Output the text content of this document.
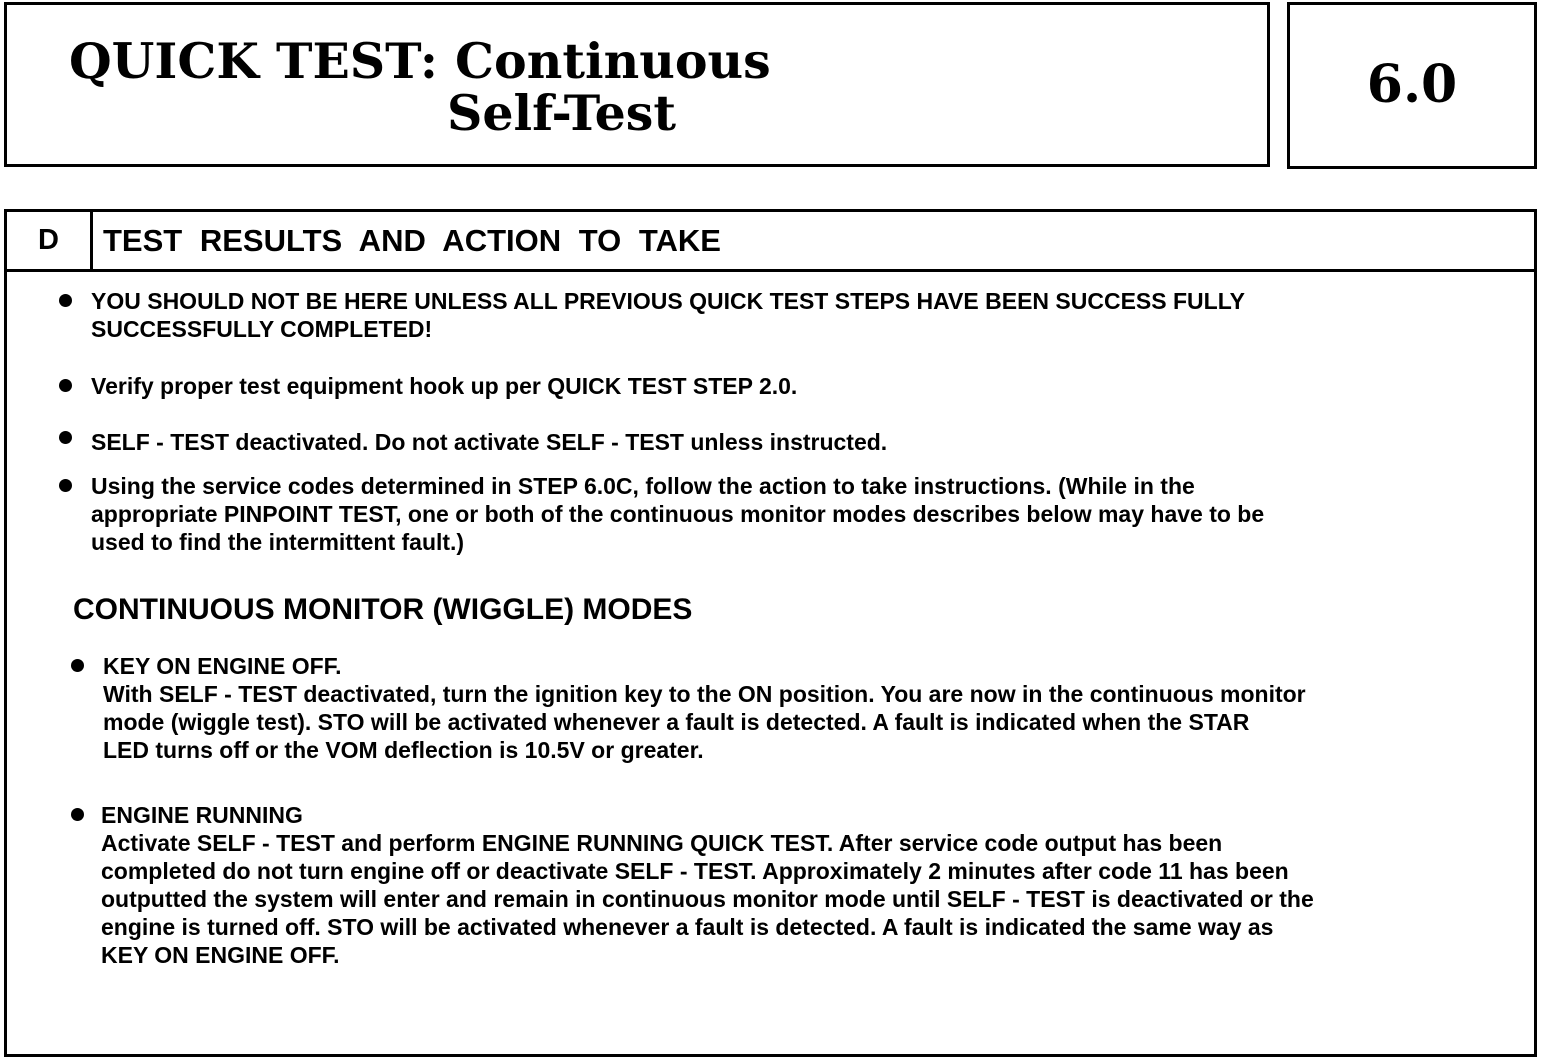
QUICK TEST: Continuous
Self-Test	6.0
D	TEST RESULTS AND ACTION TO TAKE
YOU SHOULD NOT BE HERE UNLESS ALL PREVIOUS QUICK TEST STEPS HAVE BEEN SUCCESS FULLY
SUCCESSFULLY COMPLETED!
Verify proper test equipment hook up per QUICK TEST STEP 2.0.
SELF - TEST deactivated. Do not activate SELF - TEST unless instructed.
Using the service codes determined in STEP 6.0C, follow the action to take instructions. (While in the
appropriate PINPOINT TEST, one or both of the continuous monitor modes describes below may have to be
used to find the intermittent fault.)
CONTINUOUS MONITOR (WIGGLE) MODES
KEY ON ENGINE OFF.
With SELF - TEST deactivated, turn the ignition key to the ON position. You are now in the continuous monitor
mode (wiggle test). STO will be activated whenever a fault is detected. A fault is indicated when the STAR
LED turns off or the VOM deflection is 10.5V or greater.
ENGINE RUNNING
Activate SELF - TEST and perform ENGINE RUNNING QUICK TEST. After service code output has been
completed do not turn engine off or deactivate SELF - TEST. Approximately 2 minutes after code 11 has been
outputted the system will enter and remain in continuous monitor mode until SELF - TEST is deactivated or the
engine is turned off. STO will be activated whenever a fault is detected. A fault is indicated the same way as
KEY ON ENGINE OFF.
